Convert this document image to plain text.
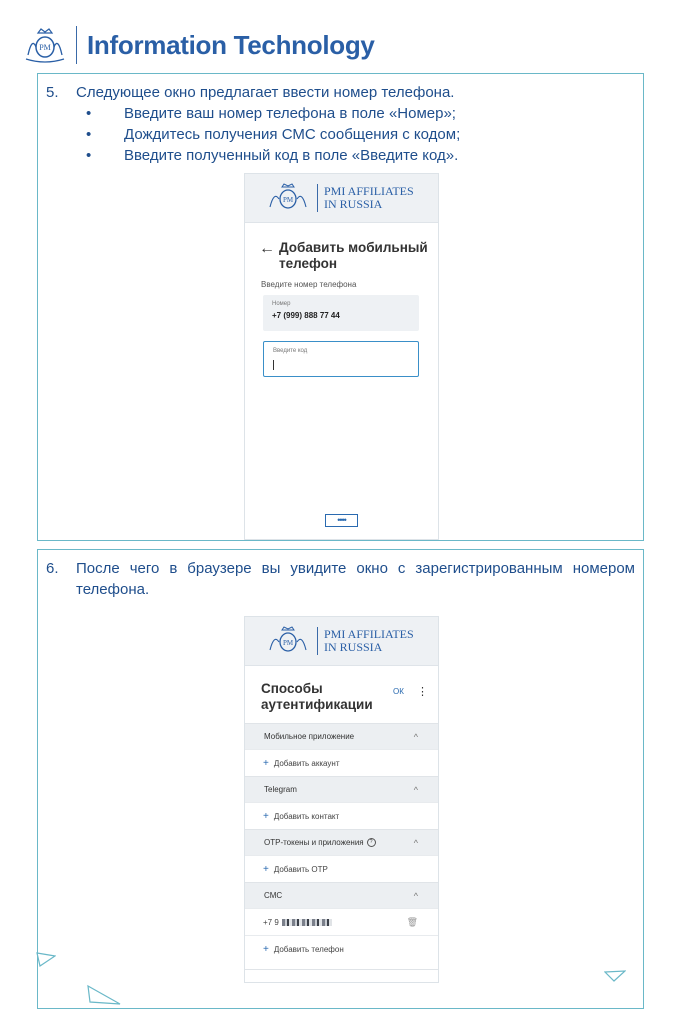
PM Information Technology
5. Следующее окно предлагает ввести номер телефона.
• Введите ваш номер телефона в поле «Номер»;
• Дождитесь получения СМС сообщения с кодом;
• Введите полученный код в поле «Введите код».
PM
PMI AFFILIATES
IN RUSSIA
← Добавить мобильный телефон
Введите номер телефона
Номер
+7 (999) 888 77 44
Введите код
••••
6. После чего в браузере вы увидите окно с зарегистрированным номером телефона.
PM
PMI AFFILIATES
IN RUSSIA
Способы аутентификации
ОК ⋮
Мобильное приложение	^
+ Добавить аккаунт
Telegram	^
+ Добавить контакт
OTP-токены и приложения ?	^
+ Добавить OTP
СМС	^
+7 9	🗑
+ Добавить телефон
